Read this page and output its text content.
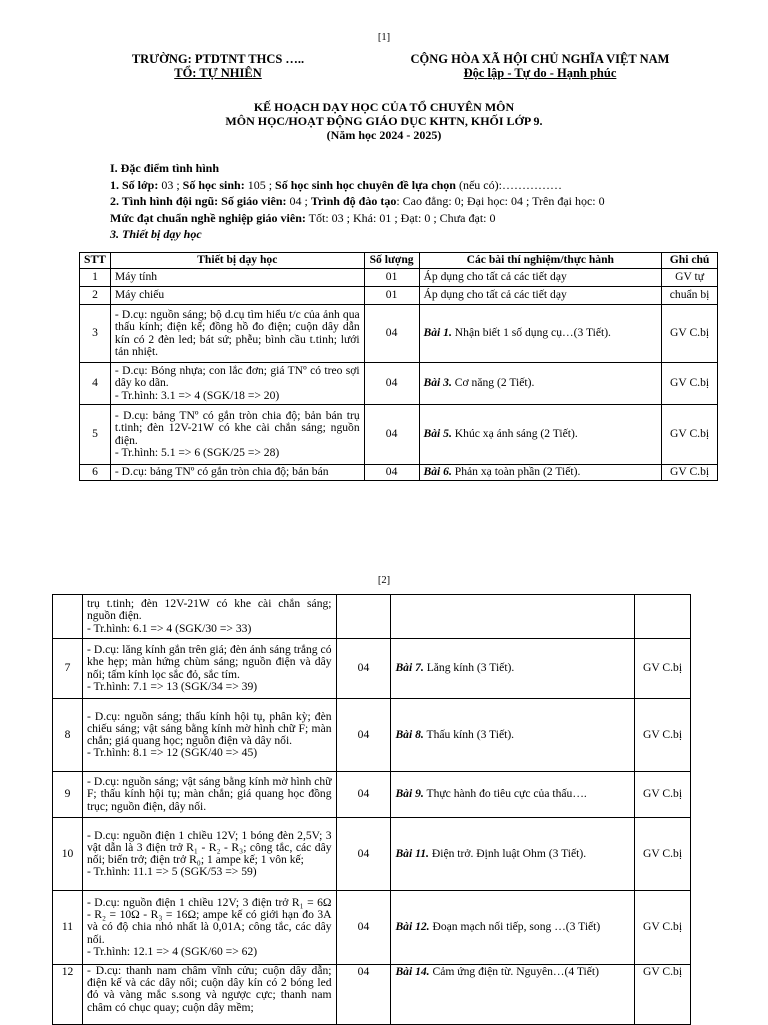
[1]
TRƯỜNG: PTDTNT THCS …..
TỔ: TỰ NHIÊN
CỘNG HÒA XÃ HỘI CHỦ NGHĨA VIỆT NAM
Độc lập - Tự do - Hạnh phúc
KẾ HOẠCH DẠY HỌC CỦA TỔ CHUYÊN MÔN
MÔN HỌC/HOẠT ĐỘNG GIÁO DỤC KHTN, KHỐI LỚP 9.
(Năm học 2024 - 2025)
I. Đặc điểm tình hình
1. Số lớp: 03 ; Số học sinh: 105 ; Số học sinh học chuyên đề lựa chọn (nếu có):……………
2. Tình hình đội ngũ: Số giáo viên: 04 ; Trình độ đào tạo: Cao đẳng: 0; Đại học: 04 ; Trên đại học: 0
Mức đạt chuẩn nghề nghiệp giáo viên: Tốt: 03 ; Khá: 01 ; Đạt: 0 ; Chưa đạt: 0
3. Thiết bị dạy học
STT	Thiết bị dạy học	Số lượng	Các bài thí nghiệm/thực hành	Ghi chú
1	Máy tính	01	Áp dụng cho tất cả các tiết dạy	GV tự
2	Máy chiếu	01	Áp dụng cho tất cả các tiết dạy	chuẩn bị
3	- D.cụ: nguồn sáng; bộ d.cụ tìm hiểu t/c của ảnh qua thấu kính; điện kế; đồng hồ đo điện; cuộn dây dẫn kín có 2 đèn led; bát sứ; phễu; bình cầu t.tinh; lưới tản nhiệt.	04	Bài 1. Nhận biết 1 số dụng cụ…(3 Tiết).	GV C.bị
4	- D.cụ: Bóng nhựa; con lắc đơn; giá TNº có treo sợi dây ko dãn.
- Tr.hình: 3.1 => 4 (SGK/18 => 20)	04	Bài 3. Cơ năng (2 Tiết).	GV C.bị
5	- D.cụ: bảng TNº có gắn tròn chia độ; bản bán trụ t.tinh; đèn 12V-21W có khe cài chắn sáng; nguồn điện.
- Tr.hình: 5.1 => 6 (SGK/25 => 28)	04	Bài 5. Khúc xạ ánh sáng (2 Tiết).	GV C.bị
6	- D.cụ: bảng TNº có gắn tròn chia độ; bản bán	04	Bài 6. Phản xạ toàn phần (2 Tiết).	GV C.bị
[2]

	trụ t.tinh; đèn 12V-21W có khe cài chắn sáng; nguồn điện.
- Tr.hình: 6.1 => 4 (SGK/30 => 33)			

7	- D.cụ: lăng kính gắn trên giá; đèn ánh sáng trắng có khe hẹp; màn hứng chùm sáng; nguồn điện và dây nối; tấm kính lọc sắc đỏ, sắc tím.
- Tr.hình: 7.1 => 13 (SGK/34 => 39)	04	Bài 7. Lăng kính (3 Tiết).	GV C.bị
8	- D.cụ: nguồn sáng; thấu kính hội tụ, phân kỳ; đèn chiếu sáng; vật sáng bằng kính mờ hình chữ F; màn chắn; giá quang học; nguồn điện và dây nối.
- Tr.hình: 8.1 => 12 (SGK/40 => 45)	04	Bài 8. Thấu kính (3 Tiết).	GV C.bị
9	- D.cụ: nguồn sáng; vật sáng bằng kính mờ hình chữ F; thấu kính hội tụ; màn chắn; giá quang học đồng trục; nguồn điện, dây nối.	04	Bài 9. Thực hành đo tiêu cực của thấu….	GV C.bị
10	- D.cụ: nguồn điện 1 chiều 12V; 1 bóng đèn 2,5V; 3 vật dẫn là 3 điện trở R₁ - R₂ - R₃; công tắc, các dây nối; biến trở; điện trở R₀; 1 ampe kế; 1 vôn kế;
- Tr.hình: 11.1 => 5 (SGK/53 => 59)	04	Bài 11. Điện trở. Định luật Ohm (3 Tiết).	GV C.bị
11	- D.cụ: nguồn điện 1 chiều 12V; 3 điện trở R₁ = 6Ω - R₂ = 10Ω - R₃ = 16Ω; ampe kế có giới hạn đo 3A và có độ chia nhỏ nhất là 0,01A; công tắc, các dây nối.
- Tr.hình: 12.1 => 4 (SGK/60 => 62)	04	Bài 12. Đoạn mạch nối tiếp, song …(3 Tiết)	GV C.bị
12	- D.cụ: thanh nam châm vĩnh cửu; cuộn dây dẫn; điện kế và các dây nối; cuộn dây kín có 2 bóng led đỏ và vàng mắc s.song và ngược cực; thanh nam châm có chục quay; cuộn dây mềm;	04	Bài 14. Cảm ứng điện từ. Nguyên…(4 Tiết)	GV C.bị
